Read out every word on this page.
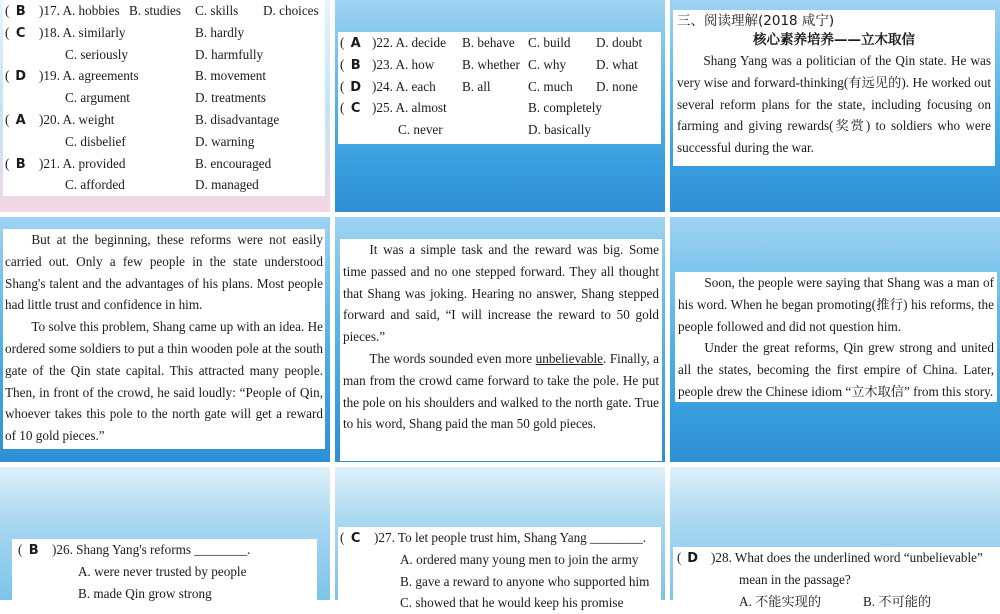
( B )17. A. hobbies B. studies C. skills D. choices
( C )18. A. similarly	B. hardly
C. seriously	D. harmfully
( D )19. A. agreements	B. movement
C. argument	D. treatments
( A )20. A. weight	B. disadvantage
C. disbelief	D. warning
( B )21. A. provided	B. encouraged
C. afforded	D. managed
( A )22. A. decide B. behave C. build D. doubt
( B )23. A. how B. whether C. why D. what
( D )24. A. each B. all	C. much D. none
( C )25. A. almost	B. completely
C. never	D. basically
三、阅读理解(2018 咸宁)
核心素养培养——立木取信

Shang Yang was a politician of the Qin state. He was very wise and forward-thinking(有远见的). He worked out several reform plans for the state, including focusing on farming and giving rewards(奖赏) to soldiers who were successful during the war.

But at the beginning, these reforms were not easily carried out. Only a few people in the state understood Shang's talent and the advantages of his plans. Most people had little trust and confidence in him.

To solve this problem, Shang came up with an idea. He ordered some soldiers to put a thin wooden pole at the south gate of the Qin state capital. This attracted many people. Then, in front of the crowd, he said loudly: “People of Qin, whoever takes this pole to the north gate will get a reward of 10 gold pieces.”

It was a simple task and the reward was big. Some time passed and no one stepped forward. They all thought that Shang was joking. Hearing no answer, Shang stepped forward and said, “I will increase the reward to 50 gold pieces.”

The words sounded even more unbelievable. Finally, a man from the crowd came forward to take the pole. He put the pole on his shoulders and walked to the north gate. True to his word, Shang paid the man 50 gold pieces.

Soon, the people were saying that Shang was a man of his word. When he began promoting(推行) his reforms, the people followed and did not question him.

Under the great reforms, Qin grew strong and united all the states, becoming the first empire of China. Later, people drew the Chinese idiom “立木取信” from this story.

( B )26. Shang Yang's reforms ________.
A. were never trusted by people
B. made Qin grow strong
( C )27. To let people trust him, Shang Yang ________.
A. ordered many young men to join the army
B. gave a reward to anyone who supported him
C. showed that he would keep his promise
( D )28. What does the underlined word “unbelievable”
mean in the passage?
A. 不能实现的	B. 不可能的
